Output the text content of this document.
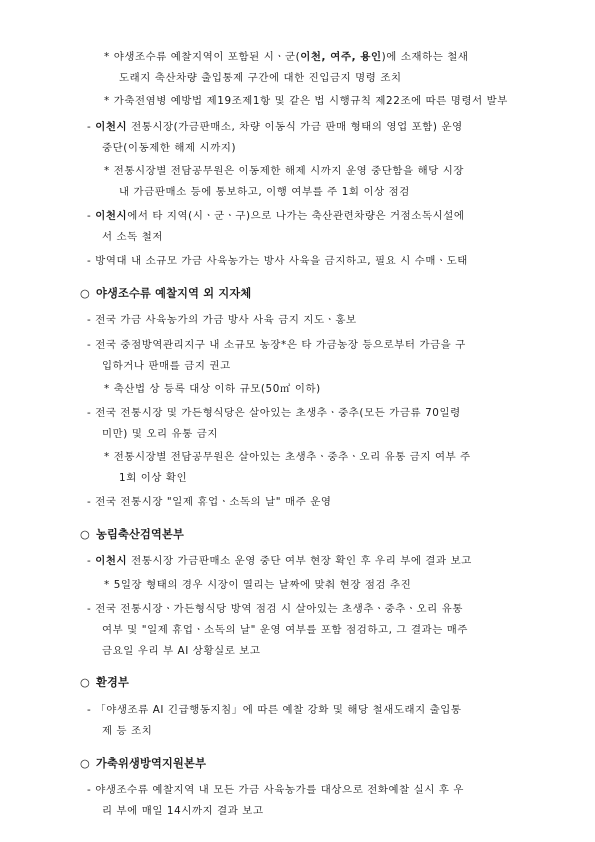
* 야생조수류 예찰지역이 포함된 시ㆍ군(이천, 여주, 용인)에 소재하는 철새
도래지 축산차량 출입통제 구간에 대한 진입금지 명령 조치
* 가축전염병 예방법 제19조제1항 및 같은 법 시행규칙 제22조에 따른 명령서 발부
- 이천시 전통시장(가금판매소, 차량 이동식 가금 판매 형태의 영업 포함) 운영
중단(이동제한 해제 시까지)
* 전통시장별 전담공무원은 이동제한 해제 시까지 운영 중단함을 해당 시장
내 가금판매소 등에 통보하고, 이행 여부를 주 1회 이상 점검
- 이천시에서 타 지역(시ㆍ군ㆍ구)으로 나가는 축산관련차량은 거점소독시설에
서 소독 철저
- 방역대 내 소규모 가금 사육농가는 방사 사육을 금지하고, 필요 시 수매ㆍ도태
○ 야생조수류 예찰지역 외 지자체
- 전국 가금 사육농가의 가금 방사 사육 금지 지도ㆍ홍보
- 전국 중점방역관리지구 내 소규모 농장*은 타 가금농장 등으로부터 가금을 구
입하거나 판매를 금지 권고
* 축산법 상 등록 대상 이하 규모(50㎡ 이하)
- 전국 전통시장 및 가든형식당은 살아있는 초생추ㆍ중추(모든 가금류 70일령
미만) 및 오리 유통 금지
* 전통시장별 전담공무원은 살아있는 초생추ㆍ중추ㆍ오리 유통 금지 여부 주
1회 이상 확인
- 전국 전통시장 "일제 휴업ㆍ소독의 날" 매주 운영
○ 농림축산검역본부
- 이천시 전통시장 가금판매소 운영 중단 여부 현장 확인 후 우리 부에 결과 보고
* 5일장 형태의 경우 시장이 열리는 날짜에 맞춰 현장 점검 추진
- 전국 전통시장ㆍ가든형식당 방역 점검 시 살아있는 초생추ㆍ중추ㆍ오리 유통
여부 및 "일제 휴업ㆍ소독의 날" 운영 여부를 포함 점검하고, 그 결과는 매주
금요일 우리 부 AI 상황실로 보고
○ 환경부
- 「야생조류 AI 긴급행동지침」에 따른 예찰 강화 및 해당 철새도래지 출입통
제 등 조치
○ 가축위생방역지원본부
- 야생조수류 예찰지역 내 모든 가금 사육농가를 대상으로 전화예찰 실시 후 우
리 부에 매일 14시까지 결과 보고
